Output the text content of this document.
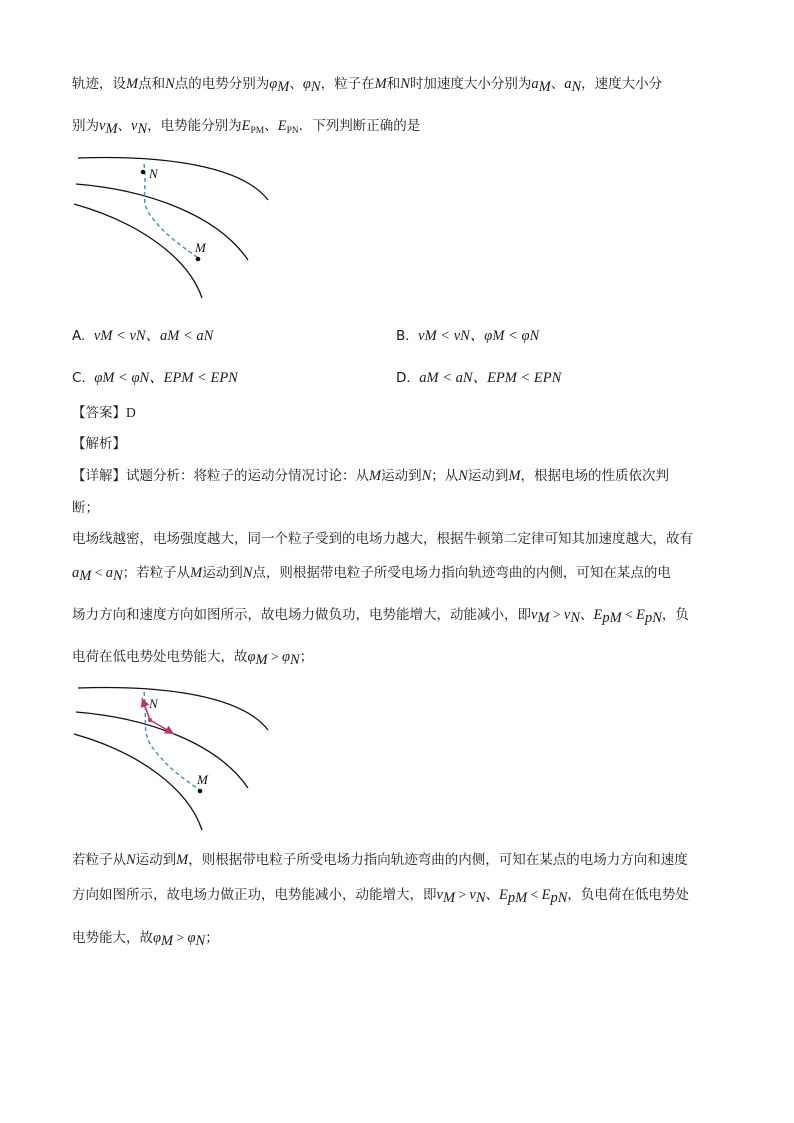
轨迹，设M点和N点的电势分别为$\varphi_M$、$\varphi_N$，粒子在M和N时加速度大小分别为$a_M$、$a_N$，速度大小分
别为$v_M$、$v_N$，电势能分别为$E_{PM}$、$E_{PN}$．下列判断正确的是
N
M
A. vM < vN、aM < aN	B. vM < vN、φM < φN
C. φM < φN、EPM < EPN	D. aM < aN、EPM < EPN
【答案】D
【解析】
【详解】试题分析：将粒子的运动分情况讨论：从M运动到N；从N运动到M，根据电场的性质依次判
断；
电场线越密，电场强度越大，同一个粒子受到的电场力越大，根据牛顿第二定律可知其加速度越大，故有
$a_M < a_N$；若粒子从M运动到N点，则根据带电粒子所受电场力指向轨迹弯曲的内侧，可知在某点的电
场力方向和速度方向如图所示，故电场力做负功，电势能增大，动能减小，即$v_M > v_N$、$E_{pM} < E_{pN}$，负
电荷在低电势处电势能大，故$\varphi_M > \varphi_N$；
N
M
若粒子从N运动到M，则根据带电粒子所受电场力指向轨迹弯曲的内侧，可知在某点的电场力方向和速度
方向如图所示，故电场力做正功，电势能减小，动能增大，即$v_M > v_N$、$E_{pM} < E_{pN}$，负电荷在低电势处
电势能大，故$\varphi_M > \varphi_N$；
